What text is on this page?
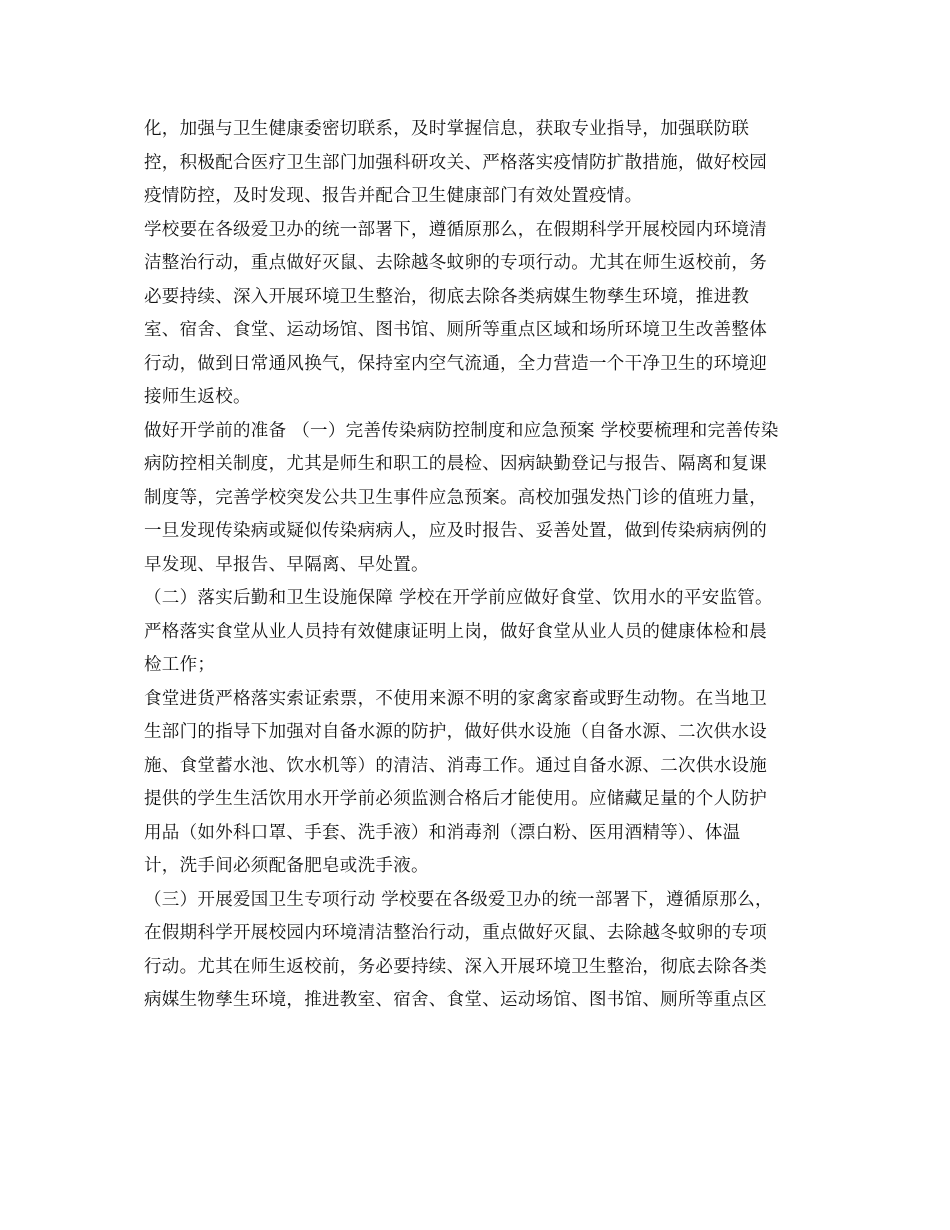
化，加强与卫生健康委密切联系，及时掌握信息，获取专业指导，加强联防联
控，积极配合医疗卫生部门加强科研攻关、严格落实疫情防扩散措施，做好校园
疫情防控，及时发现、报告并配合卫生健康部门有效处置疫情。
学校要在各级爱卫办的统一部署下，遵循原那么，在假期科学开展校园内环境清
洁整治行动，重点做好灭鼠、去除越冬蚊卵的专项行动。尤其在师生返校前，务
必要持续、深入开展环境卫生整治，彻底去除各类病媒生物孳生环境，推进教
室、宿舍、食堂、运动场馆、图书馆、厕所等重点区域和场所环境卫生改善整体
行动，做到日常通风换气，保持室内空气流通，全力营造一个干净卫生的环境迎
接师生返校。
做好开学前的准备 （一）完善传染病防控制度和应急预案 学校要梳理和完善传染
病防控相关制度，尤其是师生和职工的晨检、因病缺勤登记与报告、隔离和复课
制度等，完善学校突发公共卫生事件应急预案。高校加强发热门诊的值班力量，
一旦发现传染病或疑似传染病病人，应及时报告、妥善处置，做到传染病病例的
早发现、早报告、早隔离、早处置。
（二）落实后勤和卫生设施保障 学校在开学前应做好食堂、饮用水的平安监管。
严格落实食堂从业人员持有效健康证明上岗，做好食堂从业人员的健康体检和晨
检工作；
食堂进货严格落实索证索票，不使用来源不明的家禽家畜或野生动物。在当地卫
生部门的指导下加强对自备水源的防护，做好供水设施（自备水源、二次供水设
施、食堂蓄水池、饮水机等）的清洁、消毒工作。通过自备水源、二次供水设施
提供的学生生活饮用水开学前必须监测合格后才能使用。应储藏足量的个人防护
用品（如外科口罩、手套、洗手液）和消毒剂（漂白粉、医用酒精等）、体温
计，洗手间必须配备肥皂或洗手液。
（三）开展爱国卫生专项行动 学校要在各级爱卫办的统一部署下，遵循原那么，
在假期科学开展校园内环境清洁整治行动，重点做好灭鼠、去除越冬蚊卵的专项
行动。尤其在师生返校前，务必要持续、深入开展环境卫生整治，彻底去除各类
病媒生物孳生环境，推进教室、宿舍、食堂、运动场馆、图书馆、厕所等重点区
